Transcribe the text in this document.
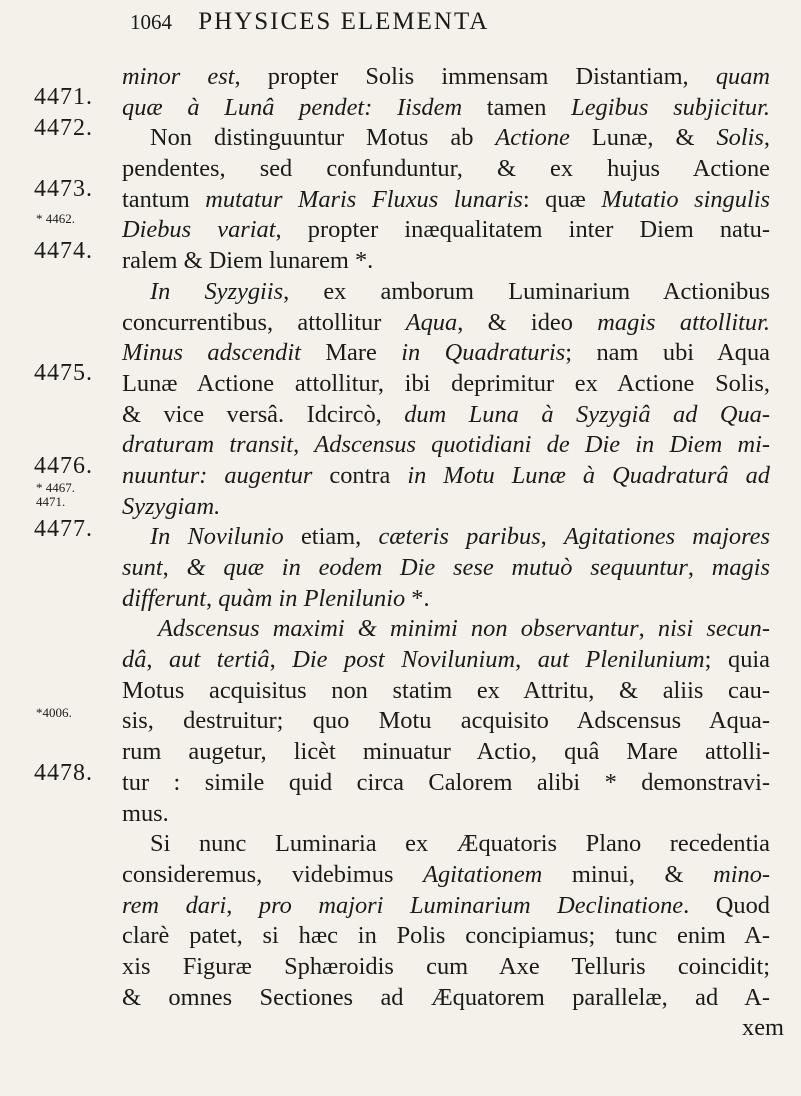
1064 PHYSICES ELEMENTA
4471.
4472.
4473.
* 4462.
4474.
4475.
4476.
* 4467.
4471.
4477.
*4006.
4478.
minor est, propter Solis immensam Distantiam, quam
quæ à Lunâ pendet: Iisdem tamen Legibus subjicitur.
Non distinguuntur Motus ab Actione Lunæ, & Solis,
pendentes, sed confunduntur, & ex hujus Actione
tantum mutatur Maris Fluxus lunaris: quæ Mutatio singulis
Diebus variat, propter inæqualitatem inter Diem natu-
ralem & Diem lunarem *.
In Syzygiis, ex amborum Luminarium Actionibus
concurrentibus, attollitur Aqua, & ideo magis attollitur.
Minus adscendit Mare in Quadraturis; nam ubi Aqua
Lunæ Actione attollitur, ibi deprimitur ex Actione Solis,
& vice versâ. Idcircò, dum Luna à Syzygiâ ad Qua-
draturam transit, Adscensus quotidiani de Die in Diem mi-
nuuntur: augentur contra in Motu Lunæ à Quadraturâ ad
Syzygiam.
In Novilunio etiam, cæteris paribus, Agitationes majores
sunt, & quæ in eodem Die sese mutuò sequuntur, magis
differunt, quàm in Plenilunio *.
Adscensus maximi & minimi non observantur, nisi secun-
dâ, aut tertiâ, Die post Novilunium, aut Plenilunium; quia
Motus acquisitus non statim ex Attritu, & aliis cau-
sis, destruitur; quo Motu acquisito Adscensus Aqua-
rum augetur, licèt minuatur Actio, quâ Mare attolli-
tur : simile quid circa Calorem alibi * demonstravi-
mus.
Si nunc Luminaria ex Æquatoris Plano recedentia
consideremus, videbimus Agitationem minui, & mino-
rem dari, pro majori Luminarium Declinatione. Quod
clarè patet, si hæc in Polis concipiamus; tunc enim A-
xis Figuræ Sphæroidis cum Axe Telluris coincidit;
& omnes Sectiones ad Æquatorem parallelæ, ad A-
xem
